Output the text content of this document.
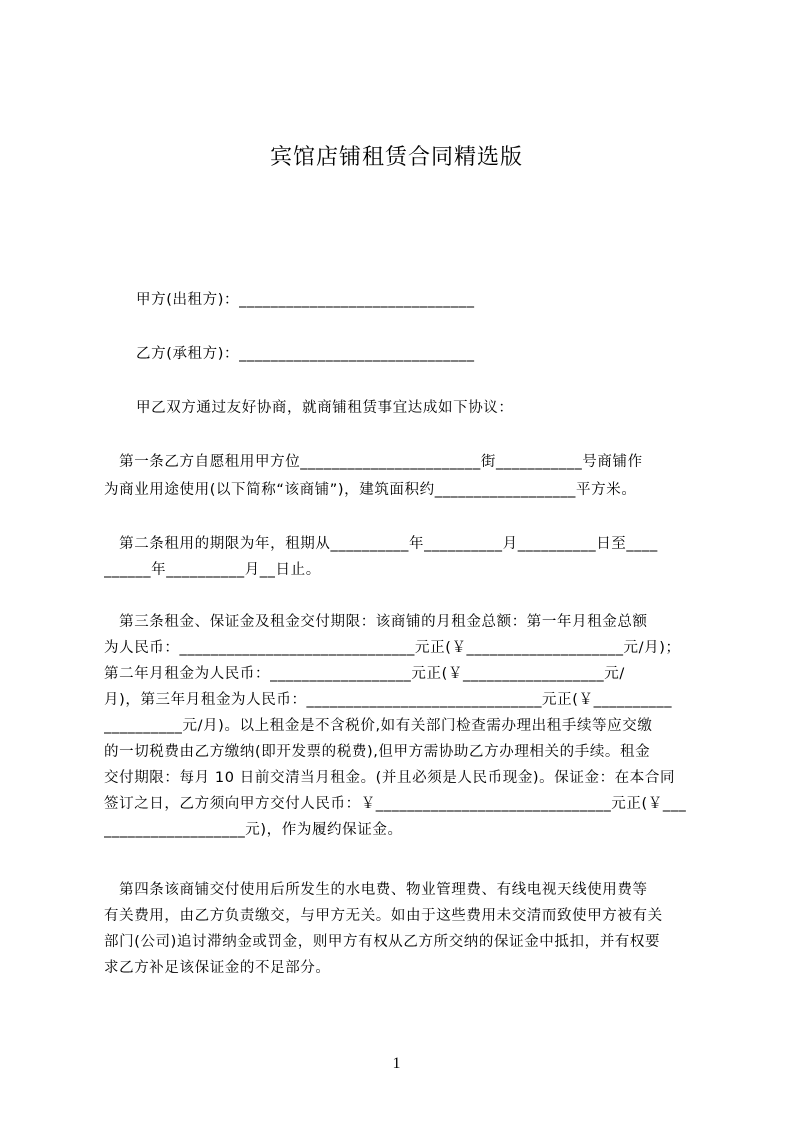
宾馆店铺租赁合同精选版
甲方(出租方)：______________________________
乙方(承租方)：______________________________
甲乙双方通过友好协商，就商铺租赁事宜达成如下协议：
　第一条乙方自愿租用甲方位_______________________街___________号商铺作
为商业用途使用(以下简称“该商铺”)，建筑面积约__________________平方米。
　第二条租用的期限为年，租期从__________年__________月__________日至____
______年__________月__日止。
　第三条租金、保证金及租金交付期限：该商铺的月租金总额：第一年月租金总额
为人民币：______________________________元正(￥____________________元/月)；
第二年月租金为人民币：__________________元正(￥__________________元/
月)，第三年月租金为人民币：______________________________元正(￥__________
__________元/月)。以上租金是不含税价,如有关部门检查需办理出租手续等应交缴
的一切税费由乙方缴纳(即开发票的税费),但甲方需协助乙方办理相关的手续。租金
交付期限：每月 10 日前交清当月租金。(并且必须是人民币现金)。保证金：在本合同
签订之日，乙方须向甲方交付人民币：￥______________________________元正(￥___
__________________元)，作为履约保证金。
　第四条该商铺交付使用后所发生的水电费、物业管理费、有线电视天线使用费等
有关费用，由乙方负责缴交，与甲方无关。如由于这些费用未交清而致使甲方被有关
部门(公司)追讨滞纳金或罚金，则甲方有权从乙方所交纳的保证金中抵扣，并有权要
求乙方补足该保证金的不足部分。
1
